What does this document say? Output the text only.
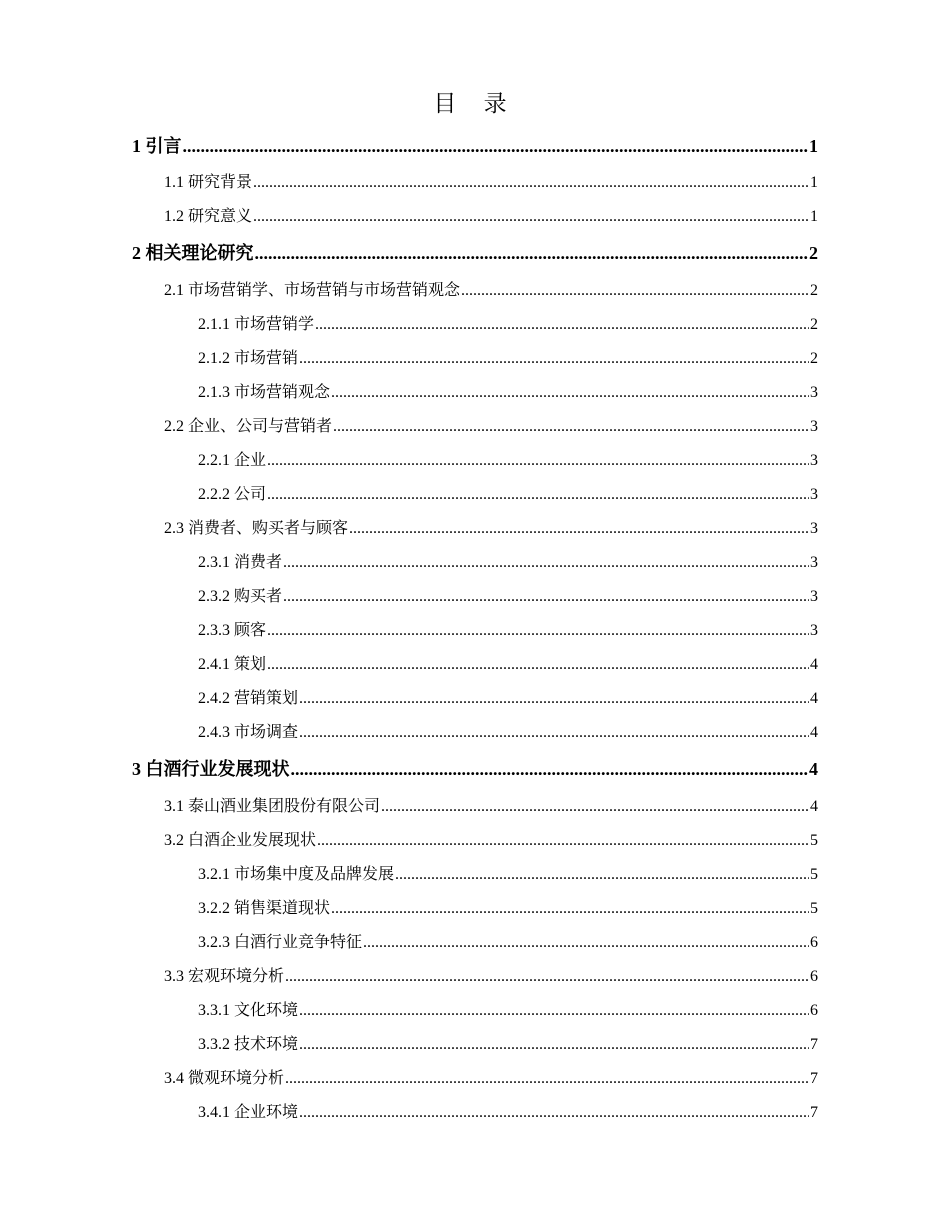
目 录
1 引言 .....	1
1.1 研究背景 .....	1
1.2 研究意义 .....	1
2 相关理论研究 .....	2
2.1 市场营销学、市场营销与市场营销观念 .....	2
2.1.1 市场营销学 .....	2
2.1.2 市场营销 .....	2
2.1.3 市场营销观念 .....	3
2.2 企业、公司与营销者 .....	3
2.2.1 企业 .....	3
2.2.2 公司 .....	3
2.3 消费者、购买者与顾客 .....	3
2.3.1 消费者 .....	3
2.3.2 购买者 .....	3
2.3.3 顾客 .....	3
2.4.1 策划 .....	4
2.4.2 营销策划 .....	4
2.4.3 市场调查 .....	4
3 白酒行业发展现状 .....	4
3.1 泰山酒业集团股份有限公司 .....	4
3.2 白酒企业发展现状 .....	5
3.2.1 市场集中度及品牌发展 .....	5
3.2.2 销售渠道现状 .....	5
3.2.3 白酒行业竞争特征 .....	6
3.3 宏观环境分析 .....	6
3.3.1 文化环境 .....	6
3.3.2 技术环境 .....	7
3.4 微观环境分析 .....	7
3.4.1 企业环境 .....	7
